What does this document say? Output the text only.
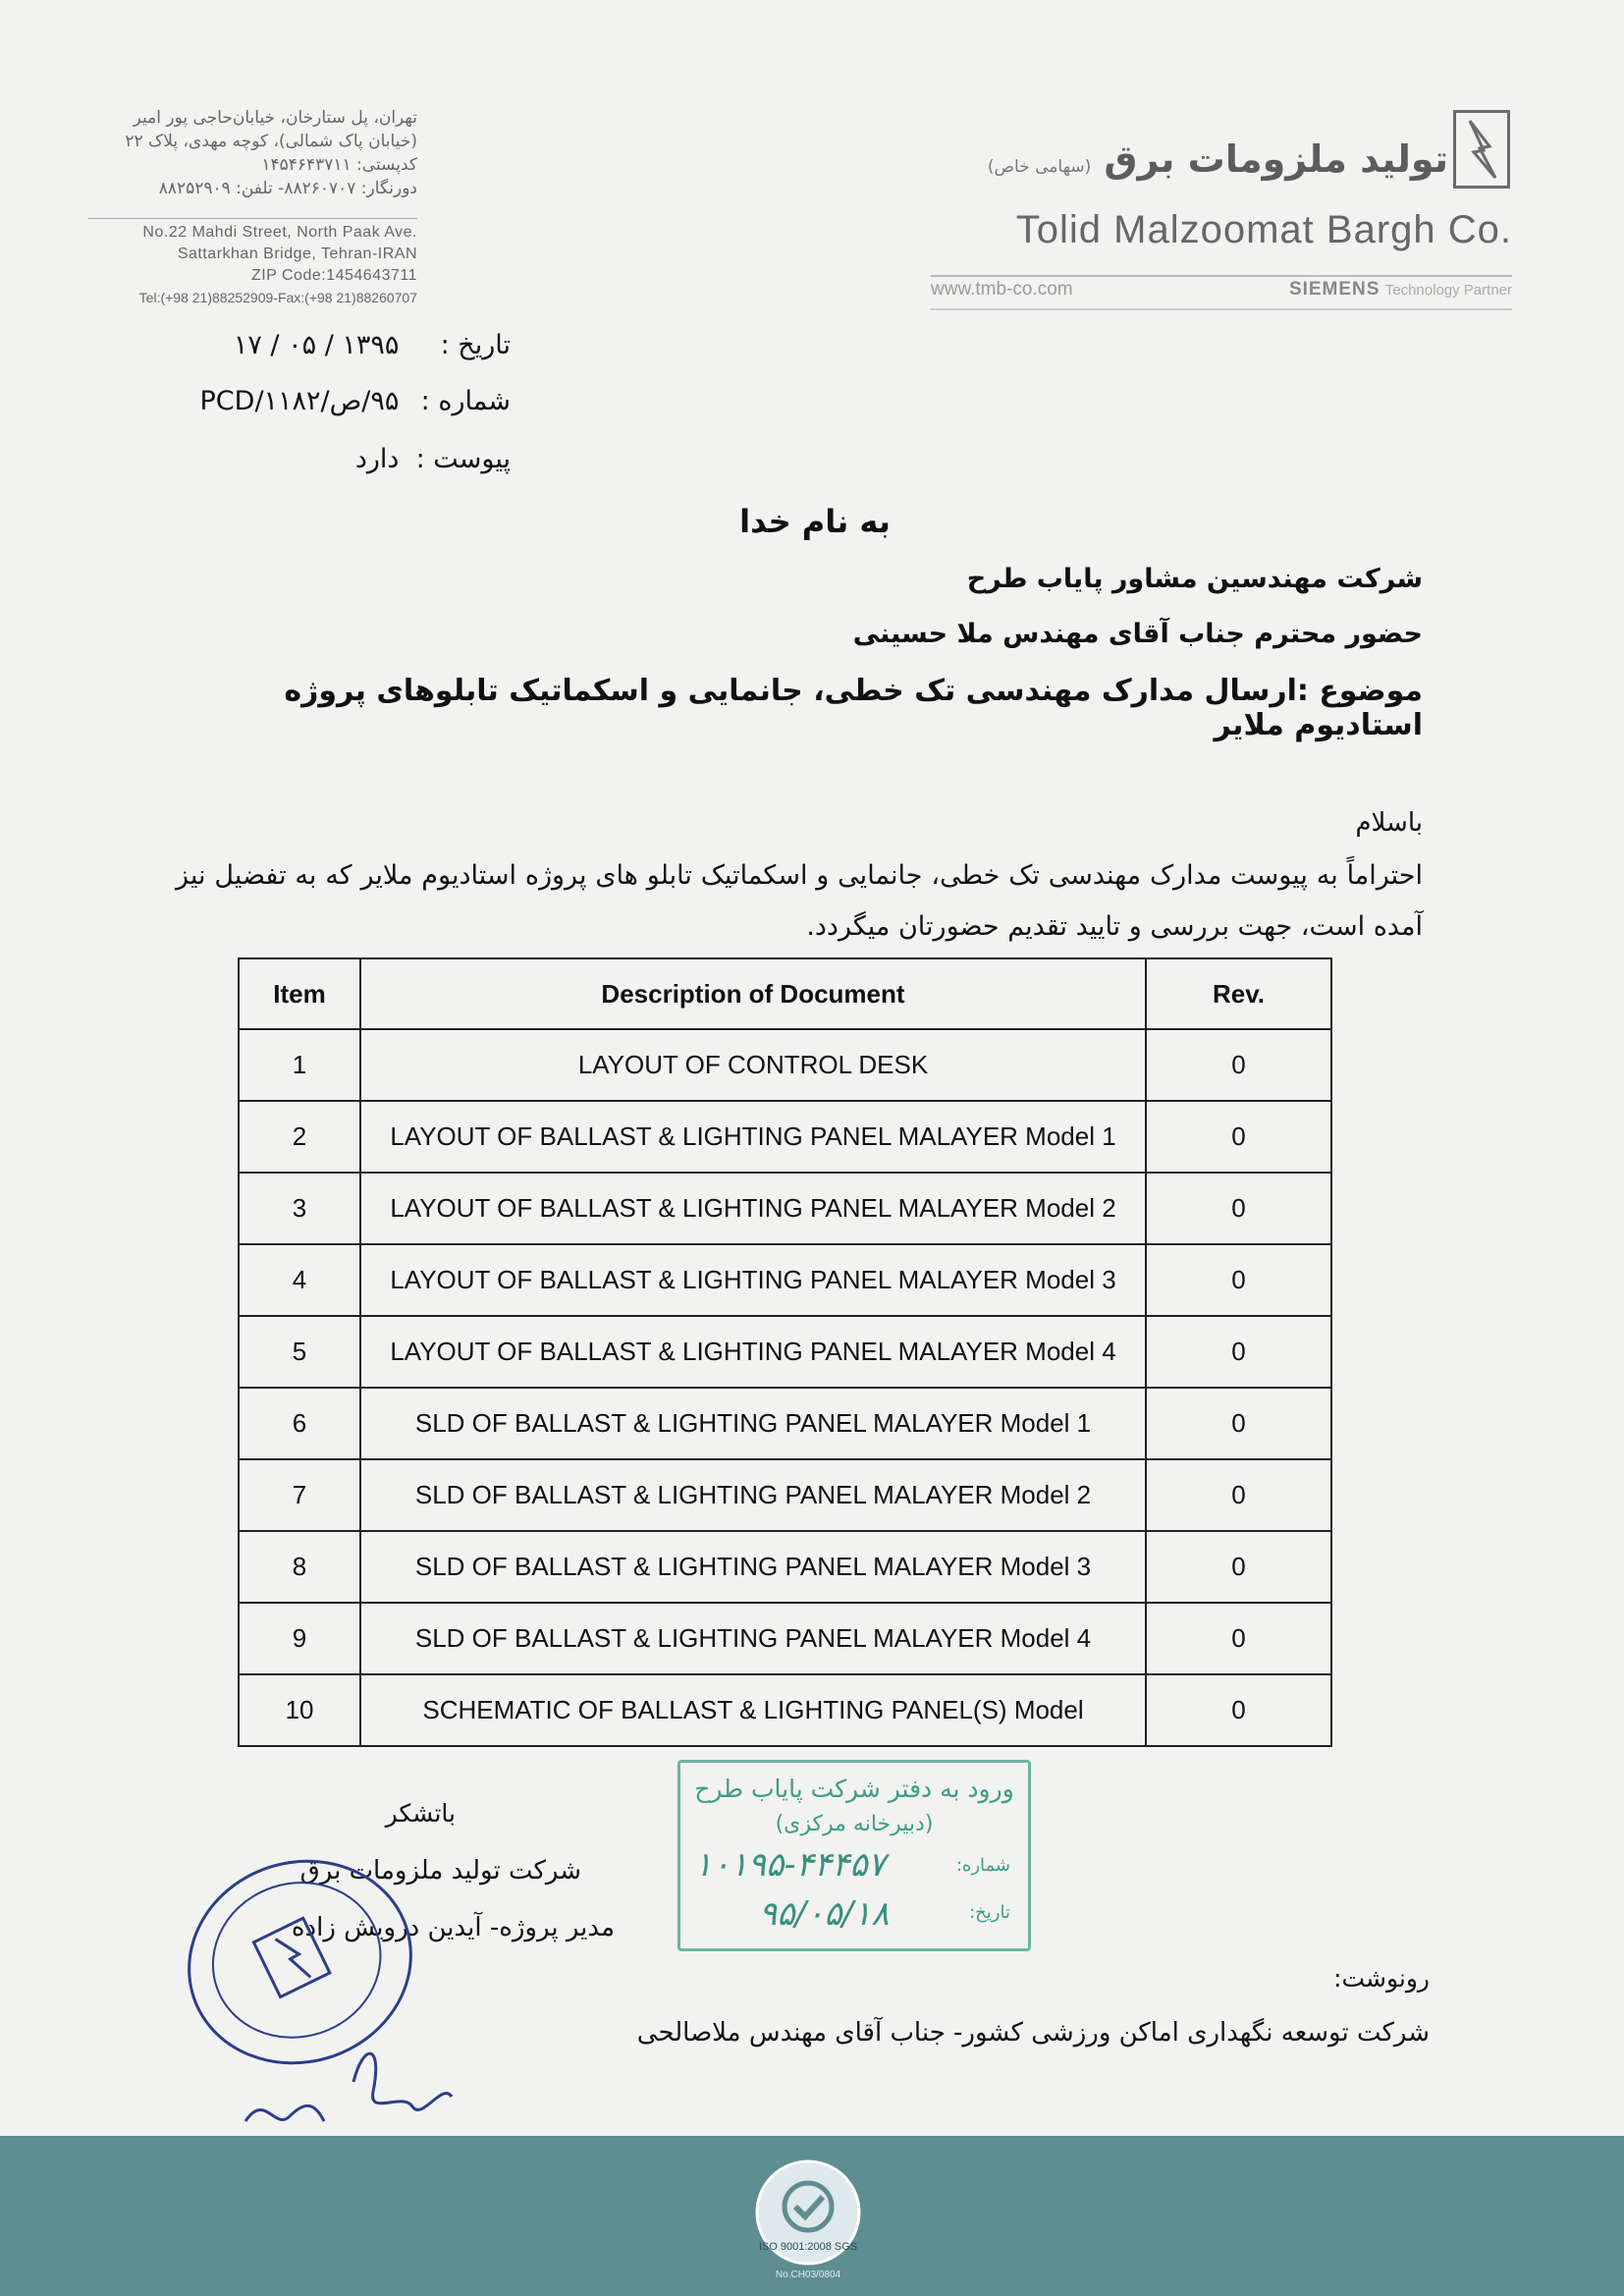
تهران، پل ستارخان، خیابان‌حاجی پور امیر
(خیابان پاک شمالی)، کوچه مهدی، پلاک ۲۲
کدپستی: ۱۴۵۴۶۴۳۷۱۱
دورنگار: ۸۸۲۶۰۷۰۷- تلفن: ۸۸۲۵۲۹۰۹
No.22 Mahdi Street, North Paak Ave.
Sattarkhan Bridge, Tehran-IRAN
ZIP Code:1454643711
Tel:(+98 21)88252909-Fax:(+98 21)88260707
تولید ملزومات برق (سهامی خاص)
Tolid Malzoomat Bargh Co.
www.tmb-co.com	SIEMENS Technology Partner
تاریخ : ۱۳۹۵ / ۰۵ / ۱۷
شماره : ۹۵/ص/PCD/۱۱۸۲
پیوست : دارد
به نام خدا
شرکت مهندسین مشاور پایاب طرح
حضور محترم جناب آقای مهندس ملا حسینی
موضوع :ارسال مدارک مهندسی تک خطی، جانمایی و اسکماتیک تابلوهای پروژه استادیوم ملایر
باسلام
احتراماً به پیوست مدارک مهندسی تک خطی، جانمایی و اسکماتیک تابلو های پروژه استادیوم ملایر که به تفضیل نیز آمده است، جهت بررسی و تایید تقدیم حضورتان میگردد.
Item	Description of Document	Rev.
1	LAYOUT OF CONTROL DESK	0
2	LAYOUT OF BALLAST & LIGHTING PANEL MALAYER Model 1	0
3	LAYOUT OF BALLAST & LIGHTING PANEL MALAYER Model 2	0
4	LAYOUT OF BALLAST & LIGHTING PANEL MALAYER Model 3	0
5	LAYOUT OF BALLAST & LIGHTING PANEL MALAYER Model 4	0
6	SLD OF BALLAST & LIGHTING PANEL MALAYER Model 1	0
7	SLD OF BALLAST & LIGHTING PANEL MALAYER Model 2	0
8	SLD OF BALLAST & LIGHTING PANEL MALAYER Model 3	0
9	SLD OF BALLAST & LIGHTING PANEL MALAYER Model 4	0
10	SCHEMATIC OF BALLAST & LIGHTING PANEL(S) Model	0
ورود به دفتر شرکت پایاب طرح
(دبیرخانه مرکزی)
شماره:
۱۰۱۹۵-۴۴۴۵۷
تاریخ:
۹۵/۰۵/۱۸
باتشکر
شرکت تولید ملزومات برق
مدیر پروژه- آیدین درویش زاده
رونوشت:
شرکت توسعه نگهداری اماکن ورزشی کشور- جناب آقای مهندس ملاصالحی
ISO 9001:2008 SGS
No.CH03/0804
